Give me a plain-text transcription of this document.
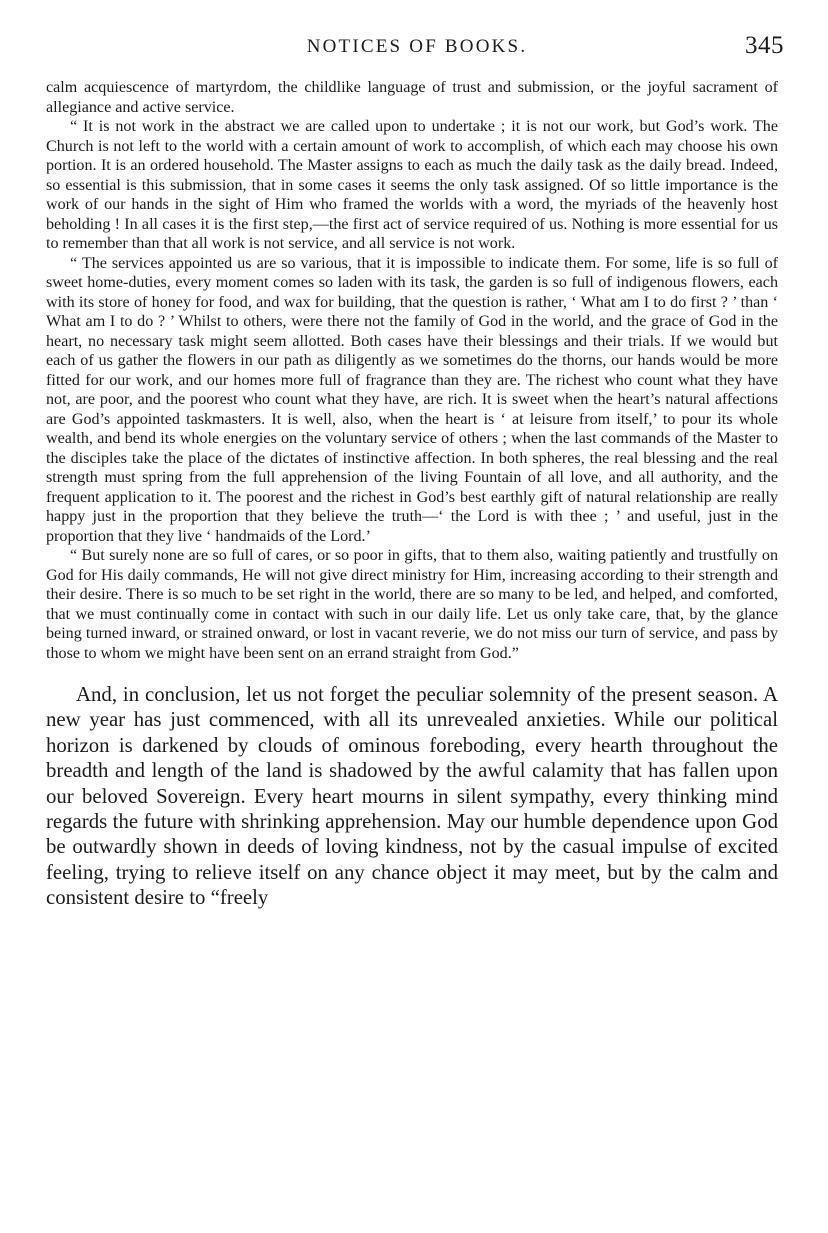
NOTICES OF BOOKS.	345

calm acquiescence of martyrdom, the childlike language of trust and submission, or the joyful sacrament of allegiance and active service.

“ It is not work in the abstract we are called upon to undertake ; it is not our work, but God’s work. The Church is not left to the world with a certain amount of work to accomplish, of which each may choose his own portion. It is an ordered household. The Master assigns to each as much the daily task as the daily bread. Indeed, so essential is this submission, that in some cases it seems the only task assigned. Of so little importance is the work of our hands in the sight of Him who framed the worlds with a word, the myriads of the heavenly host beholding ! In all cases it is the first step,—the first act of service required of us. Nothing is more essential for us to remember than that all work is not service, and all service is not work.

“ The services appointed us are so various, that it is impossible to indicate them. For some, life is so full of sweet home-duties, every moment comes so laden with its task, the garden is so full of indigenous flowers, each with its store of honey for food, and wax for building, that the question is rather, ‘ What am I to do first ? ’ than ‘ What am I to do ? ’ Whilst to others, were there not the family of God in the world, and the grace of God in the heart, no necessary task might seem allotted. Both cases have their blessings and their trials. If we would but each of us gather the flowers in our path as diligently as we sometimes do the thorns, our hands would be more fitted for our work, and our homes more full of fragrance than they are. The richest who count what they have not, are poor, and the poorest who count what they have, are rich. It is sweet when the heart’s natural affections are God’s appointed taskmasters. It is well, also, when the heart is ‘ at leisure from itself,’ to pour its whole wealth, and bend its whole energies on the voluntary service of others ; when the last commands of the Master to the disciples take the place of the dictates of instinctive affection. In both spheres, the real blessing and the real strength must spring from the full apprehension of the living Fountain of all love, and all authority, and the frequent application to it. The poorest and the richest in God’s best earthly gift of natural relationship are really happy just in the proportion that they believe the truth—‘ the Lord is with thee ; ’ and useful, just in the proportion that they live ‘ handmaids of the Lord.’

“ But surely none are so full of cares, or so poor in gifts, that to them also, waiting patiently and trustfully on God for His daily commands, He will not give direct ministry for Him, increasing according to their strength and their desire. There is so much to be set right in the world, there are so many to be led, and helped, and comforted, that we must continually come in contact with such in our daily life. Let us only take care, that, by the glance being turned inward, or strained onward, or lost in vacant reverie, we do not miss our turn of service, and pass by those to whom we might have been sent on an errand straight from God.”

And, in conclusion, let us not forget the peculiar solemnity of the present season. A new year has just commenced, with all its unrevealed anxieties. While our political horizon is darkened by clouds of ominous foreboding, every hearth throughout the breadth and length of the land is shadowed by the awful calamity that has fallen upon our beloved Sovereign. Every heart mourns in silent sympathy, every thinking mind regards the future with shrinking apprehension. May our humble dependence upon God be outwardly shown in deeds of loving kindness, not by the casual impulse of excited feeling, trying to relieve itself on any chance object it may meet, but by the calm and consistent desire to “freely
